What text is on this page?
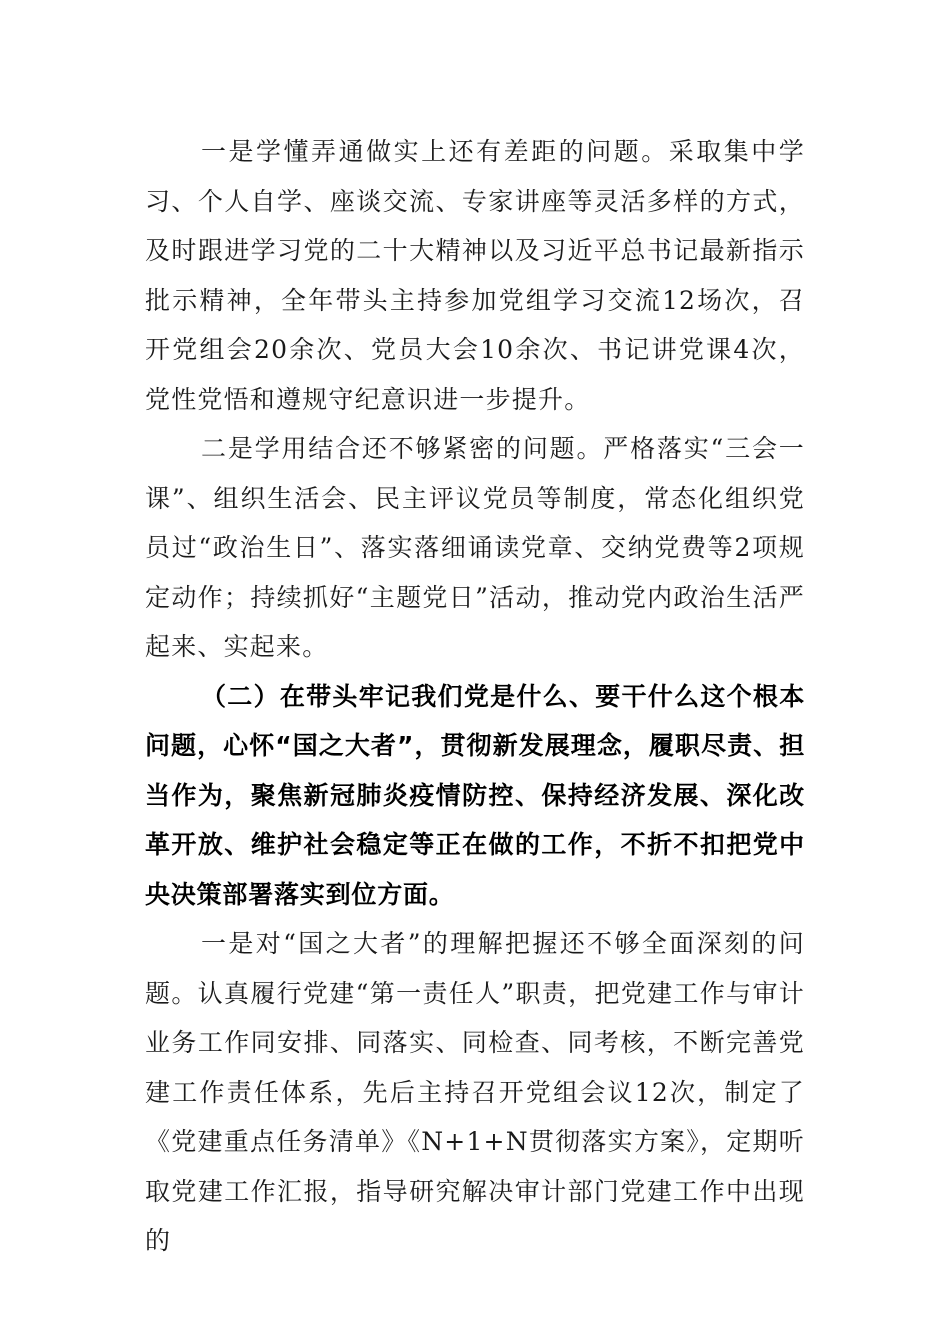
一是学懂弄通做实上还有差距的问题。采取集中学习、个人自学、座谈交流、专家讲座等灵活多样的方式，及时跟进学习党的二十大精神以及习近平总书记最新指示批示精神，全年带头主持参加党组学习交流12场次，召开党组会20余次、党员大会10余次、书记讲党课4次，党性党悟和遵规守纪意识进一步提升。

二是学用结合还不够紧密的问题。严格落实“三会一课”、组织生活会、民主评议党员等制度，常态化组织党员过“政治生日”、落实落细诵读党章、交纳党费等2项规定动作；持续抓好“主题党日”活动，推动党内政治生活严起来、实起来。

（二）在带头牢记我们党是什么、要干什么这个根本问题，心怀“国之大者”，贯彻新发展理念，履职尽责、担当作为，聚焦新冠肺炎疫情防控、保持经济发展、深化改革开放、维护社会稳定等正在做的工作，不折不扣把党中央决策部署落实到位方面。

一是对“国之大者”的理解把握还不够全面深刻的问题。认真履行党建“第一责任人”职责，把党建工作与审计业务工作同安排、同落实、同检查、同考核，不断完善党建工作责任体系，先后主持召开党组会议12次，制定了《党建重点任务清单》《N+1+N贯彻落实方案》，定期听取党建工作汇报，指导研究解决审计部门党建工作中出现的
